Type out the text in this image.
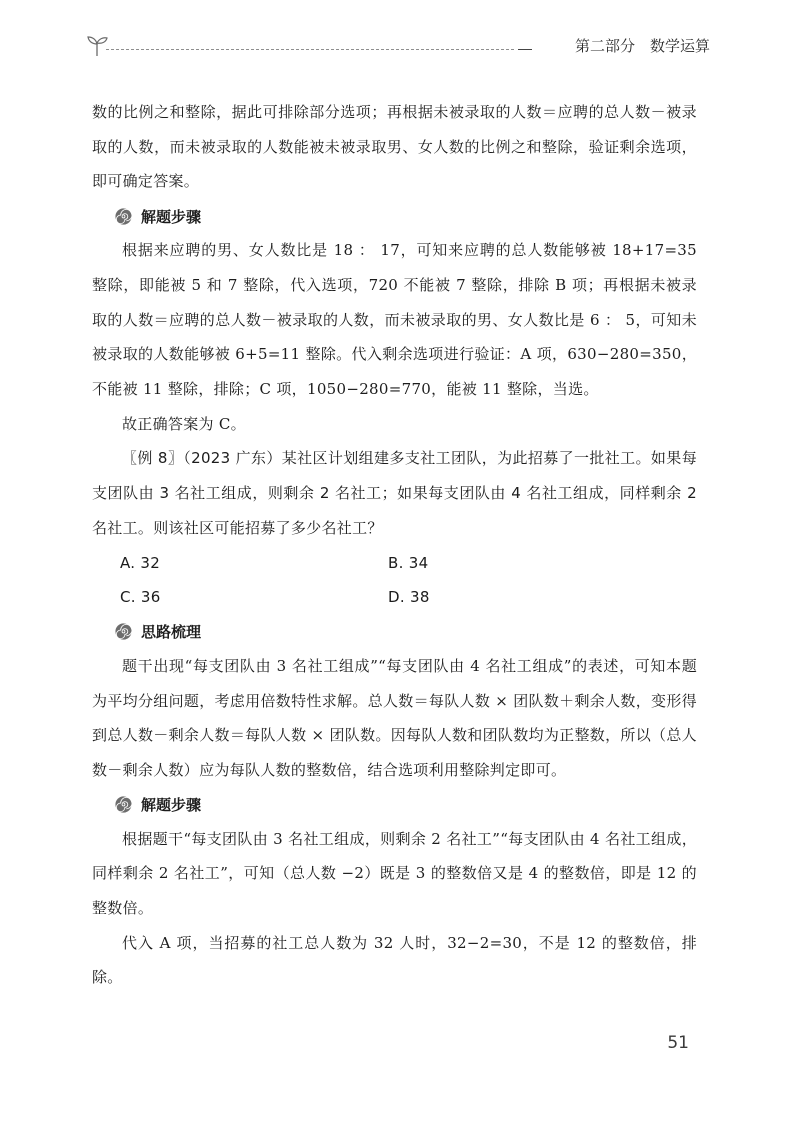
第二部分　数学运算

数的比例之和整除，据此可排除部分选项；再根据未被录取的人数＝应聘的总人数－被录取的人数，而未被录取的人数能被未被录取男、女人数的比例之和整除，验证剩余选项，即可确定答案。

解题步骤

根据来应聘的男、女人数比是 18 ： 17，可知来应聘的总人数能够被 18+17=35 整除，即能被 5 和 7 整除，代入选项，720 不能被 7 整除，排除 B 项；再根据未被录取的人数＝应聘的总人数－被录取的人数，而未被录取的男、女人数比是 6 ： 5，可知未被录取的人数能够被 6+5=11 整除。代入剩余选项进行验证：A 项，630−280=350，不能被 11 整除，排除；C 项，1050−280=770，能被 11 整除，当选。

故正确答案为 C。

〖例 8〗（2023 广东）某社区计划组建多支社工团队，为此招募了一批社工。如果每支团队由 3 名社工组成，则剩余 2 名社工；如果每支团队由 4 名社工组成，同样剩余 2 名社工。则该社区可能招募了多少名社工？

A. 32	B. 34
C. 36	D. 38
思路梳理

题干出现“每支团队由 3 名社工组成”“每支团队由 4 名社工组成”的表述，可知本题为平均分组问题，考虑用倍数特性求解。总人数＝每队人数 × 团队数＋剩余人数，变形得到总人数－剩余人数＝每队人数 × 团队数。因每队人数和团队数均为正整数，所以（总人数－剩余人数）应为每队人数的整数倍，结合选项利用整除判定即可。

解题步骤

根据题干“每支团队由 3 名社工组成，则剩余 2 名社工”“每支团队由 4 名社工组成，同样剩余 2 名社工”，可知（总人数 −2）既是 3 的整数倍又是 4 的整数倍，即是 12 的整数倍。

代入 A 项，当招募的社工总人数为 32 人时，32−2=30，不是 12 的整数倍，排除。

51
